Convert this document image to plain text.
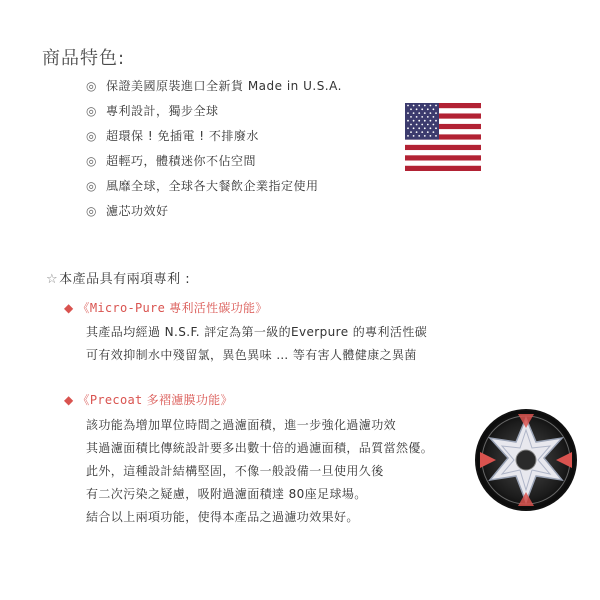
商品特色:
◎ 保證美國原裝進口全新貨 Made in U.S.A.
◎ 專利設計，獨步全球
◎ 超環保 ! 免插電 ! 不排廢水
◎ 超輕巧，體積迷你不佔空間
◎ 風靡全球，全球各大餐飲企業指定使用
◎ 濾芯功效好
☆本產品具有兩項專利 :
◆ 《Micro-Pure 專利活性碳功能》
其產品均經過 N.S.F. 評定為第一級的Everpure 的專利活性碳
可有效抑制水中殘留氯，異色異味 … 等有害人體健康之異菌
◆ 《Precoat 多褶濾膜功能》
該功能為增加單位時間之過濾面積，進一步強化過濾功效
其過濾面積比傳統設計要多出數十倍的過濾面積，品質當然優。
此外，這種設計結構堅固，不像一般設備一旦使用久後
有二次污染之疑慮，吸附過濾面積達 80座足球場。
結合以上兩項功能，使得本產品之過濾功效果好。
